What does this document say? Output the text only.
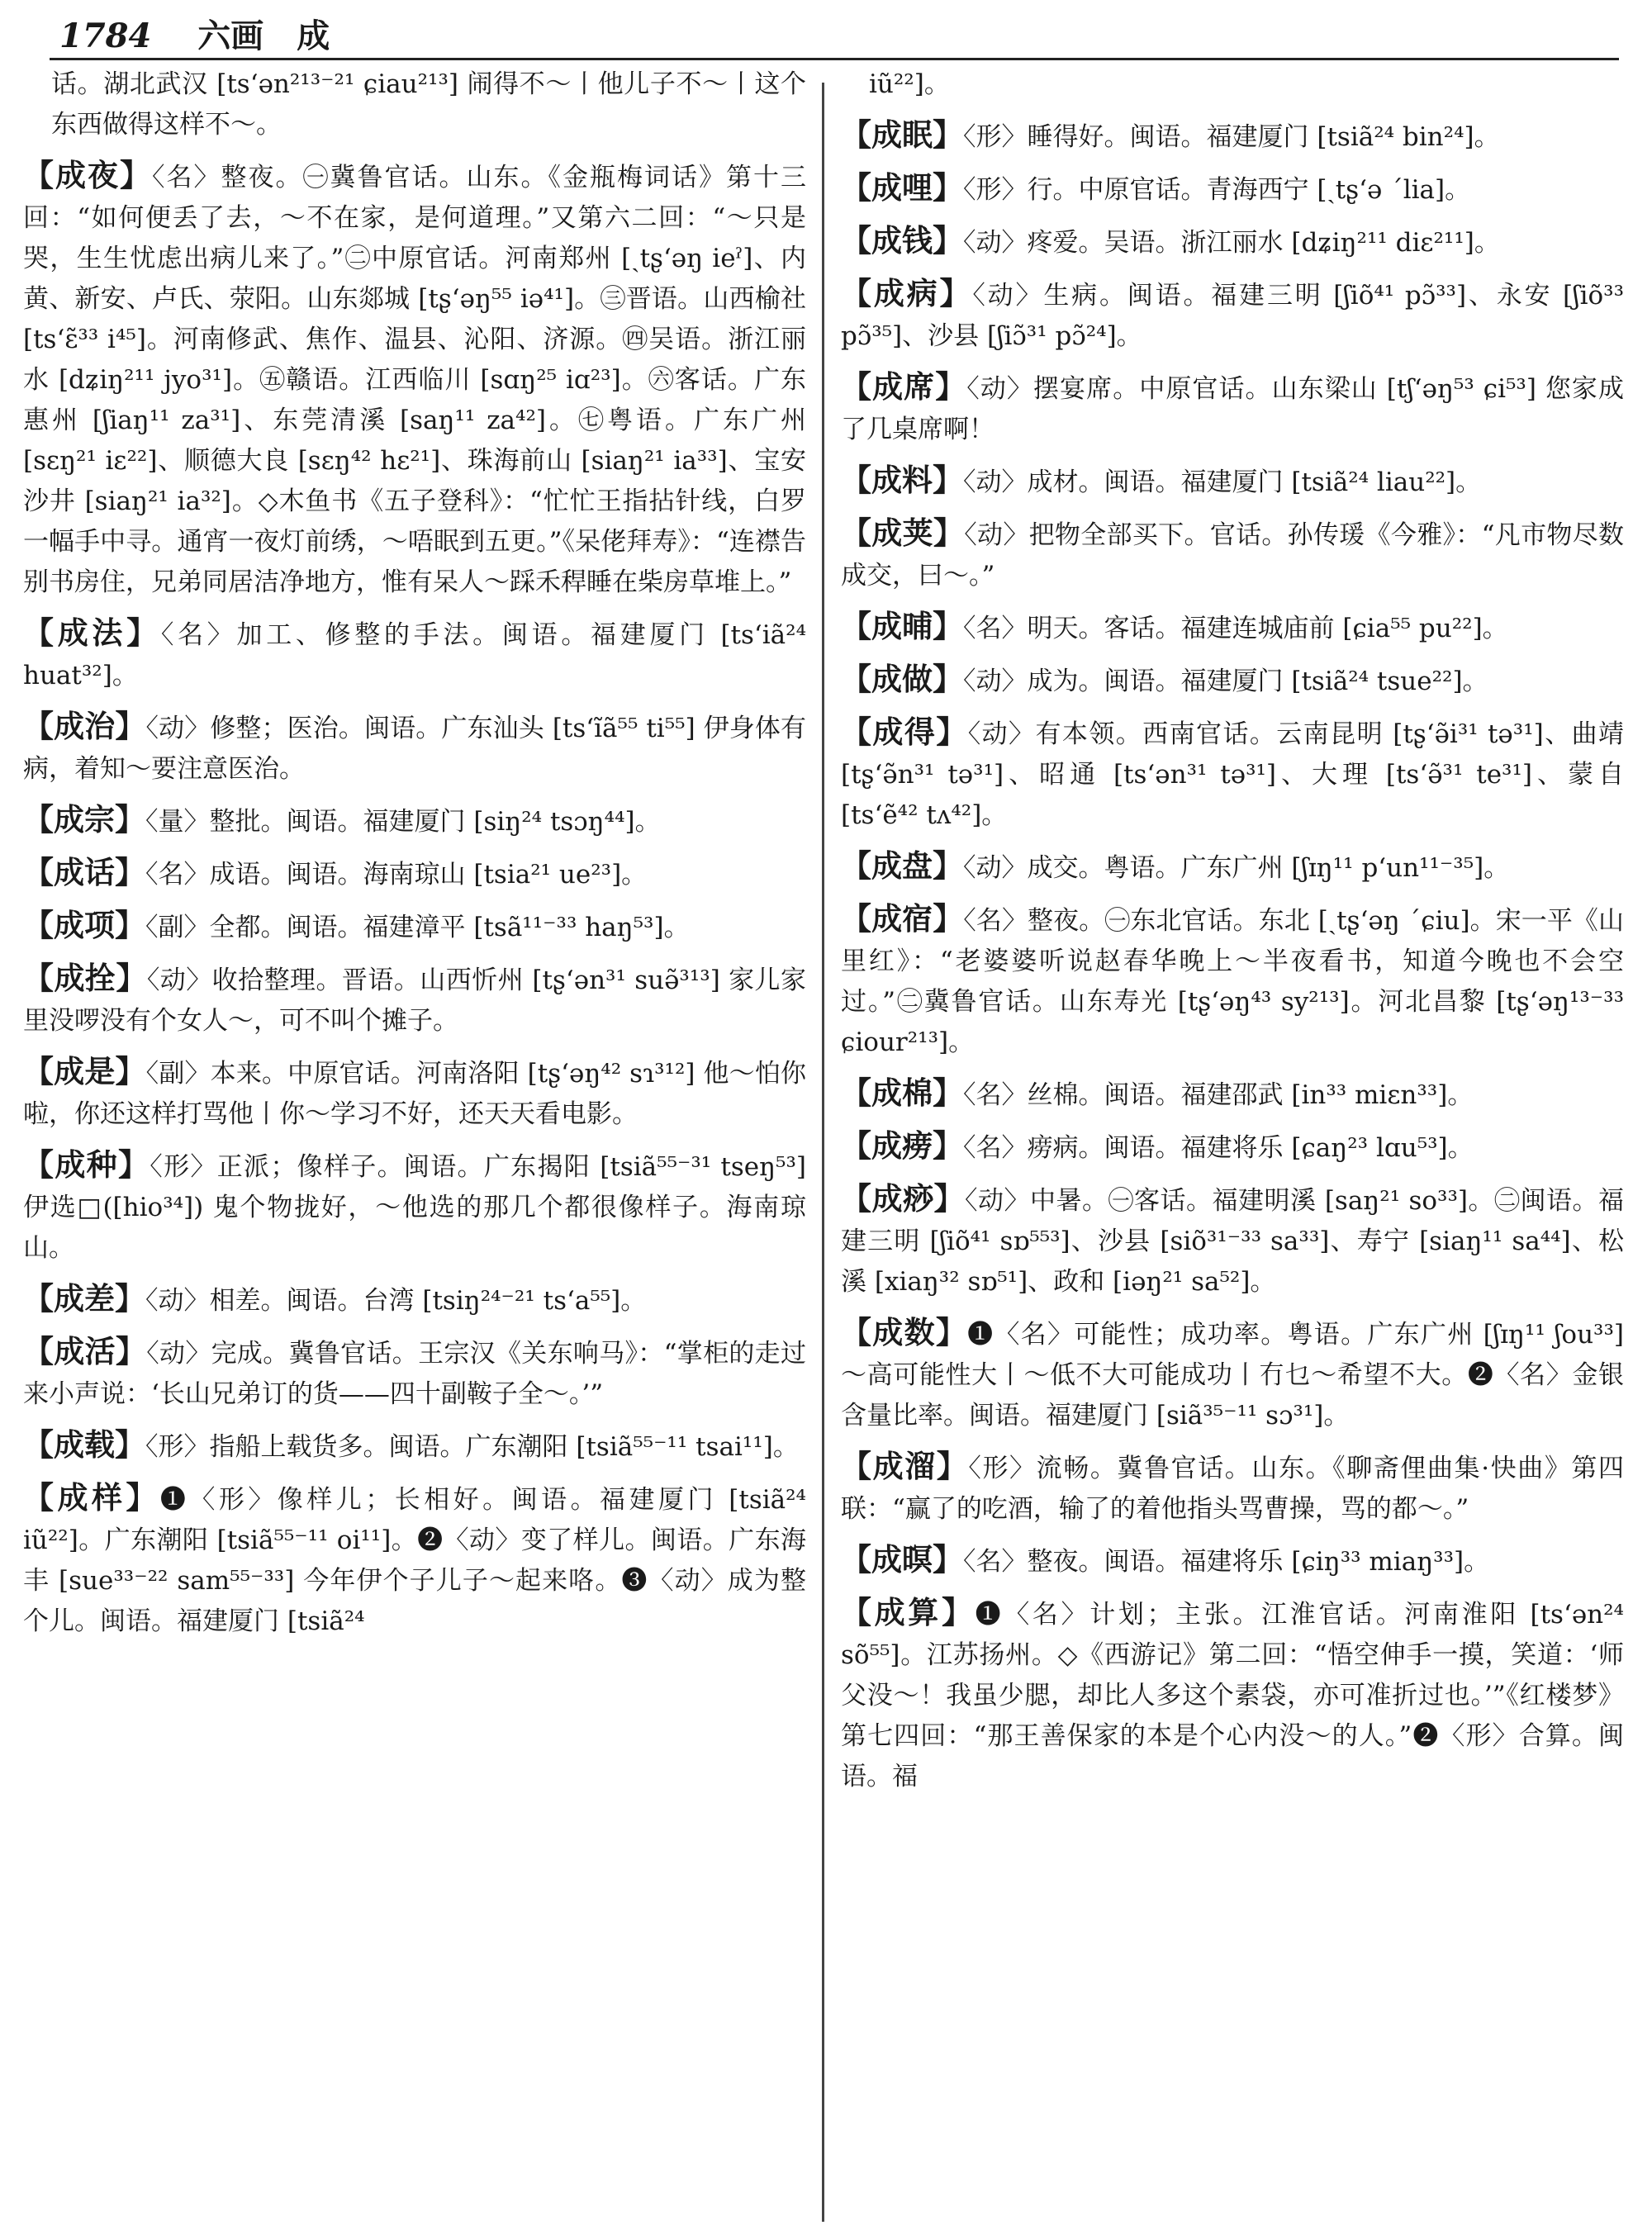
1784 六画 成
话。湖北武汉 [tsʻən²¹³⁻²¹ ɕiau²¹³] 闹得不～丨他儿子不～丨这个东西做得这样不～。
【成夜】〈名〉整夜。㊀冀鲁官话。山东。《金瓶梅词话》第十三回：“如何便丢了去，～不在家，是何道理。”又第六二回：“～只是哭，生生忧虑出病儿来了。”㊁中原官话。河南郑州 [ˏtʂʻəŋ ieˀ]、内黄、新安、卢氏、荥阳。山东郯城 [tʂʻəŋ⁵⁵ iə⁴¹]。㊂晋语。山西榆社 [tsʻɛ̃³³ i⁴⁵]。河南修武、焦作、温县、沁阳、济源。㊃吴语。浙江丽水 [dʑiŋ²¹¹ jyo³¹]。㊄赣语。江西临川 [sɑŋ²⁵ iɑ²³]。㊅客话。广东惠州 [ʃiaŋ¹¹ za³¹]、东莞清溪 [saŋ¹¹ za⁴²]。㊆粤语。广东广州 [sɛŋ²¹ iɛ²²]、顺德大良 [sɛŋ⁴² hɛ²¹]、珠海前山 [siaŋ²¹ ia³³]、宝安沙井 [siaŋ²¹ ia³²]。◇木鱼书《五子登科》：“忙忙王指拈针线，白罗一幅手中寻。通宵一夜灯前绣，～唔眠到五更。”《呆佬拜寿》：“连襟告别书房住，兄弟同居洁净地方，惟有呆人～踩禾稈睡在柴房草堆上。”
【成法】〈名〉加工、修整的手法。闽语。福建厦门 [tsʻiã²⁴ huat³²]。
【成治】〈动〉修整；医治。闽语。广东汕头 [tsʻĩã⁵⁵ ti⁵⁵] 伊身体有病，着知～要注意医治。
【成宗】〈量〉整批。闽语。福建厦门 [siŋ²⁴ tsɔŋ⁴⁴]。
【成话】〈名〉成语。闽语。海南琼山 [tsia²¹ ue²³]。
【成项】〈副〉全都。闽语。福建漳平 [tsã¹¹⁻³³ haŋ⁵³]。
【成拴】〈动〉收拾整理。晋语。山西忻州 [tʂʻən³¹ suə̃³¹³] 家儿家里没啰没有个女人～，可不叫个摊子。
【成是】〈副〉本来。中原官话。河南洛阳 [tʂʻəŋ⁴² sɿ³¹²] 他～怕你啦，你还这样打骂他丨你～学习不好，还天天看电影。
【成种】〈形〉正派；像样子。闽语。广东揭阳 [tsiã⁵⁵⁻³¹ tseŋ⁵³] 伊选□([hio³⁴]) 鬼个物拢好，～他选的那几个都很像样子。海南琼山。
【成差】〈动〉相差。闽语。台湾 [tsiŋ²⁴⁻²¹ tsʻa⁵⁵]。
【成活】〈动〉完成。冀鲁官话。王宗汉《关东响马》：“掌柜的走过来小声说：‘长山兄弟订的货——四十副鞍子全～。’”
【成载】〈形〉指船上载货多。闽语。广东潮阳 [tsiã⁵⁵⁻¹¹ tsai¹¹]。
【成样】❶〈形〉像样儿；长相好。闽语。福建厦门 [tsiã²⁴ iũ²²]。广东潮阳 [tsiã⁵⁵⁻¹¹ oi¹¹]。❷〈动〉变了样儿。闽语。广东海丰 [sue³³⁻²² sam⁵⁵⁻³³] 今年伊个子儿子～起来咯。❸〈动〉成为整个儿。闽语。福建厦门 [tsiã²⁴
iũ²²]。
【成眠】〈形〉睡得好。闽语。福建厦门 [tsiã²⁴ bin²⁴]。
【成哩】〈形〉行。中原官话。青海西宁 [ˏtʂʻə ˊlia]。
【成钱】〈动〉疼爱。吴语。浙江丽水 [dʑiŋ²¹¹ diɛ²¹¹]。
【成病】〈动〉生病。闽语。福建三明 [ʃiõ⁴¹ pɔ̃³³]、永安 [ʃiõ³³ pɔ̃³⁵]、沙县 [ʃiɔ̃³¹ pɔ̃²⁴]。
【成席】〈动〉摆宴席。中原官话。山东梁山 [tʃʻəŋ⁵³ ɕi⁵³] 您家成了几桌席啊！
【成料】〈动〉成材。闽语。福建厦门 [tsiã²⁴ liau²²]。
【成荚】〈动〉把物全部买下。官话。孙传瑗《今雅》：“凡市物尽数成交，曰～。”
【成晡】〈名〉明天。客话。福建连城庙前 [ɕia⁵⁵ pu²²]。
【成做】〈动〉成为。闽语。福建厦门 [tsiã²⁴ tsue²²]。
【成得】〈动〉有本领。西南官话。云南昆明 [tʂʻə̃i³¹ tə³¹]、曲靖 [tʂʻə̃n³¹ tə³¹]、昭通 [tsʻən³¹ tə³¹]、大理 [tsʻə̃³¹ te³¹]、蒙自 [tsʻẽ⁴² tʌ⁴²]。
【成盘】〈动〉成交。粤语。广东广州 [ʃɪŋ¹¹ pʻun¹¹⁻³⁵]。
【成宿】〈名〉整夜。㊀东北官话。东北 [ˏtʂʻəŋ ˊɕiu]。宋一平《山里红》：“老婆婆听说赵春华晚上～半夜看书，知道今晚也不会空过。”㊁冀鲁官话。山东寿光 [tʂʻəŋ⁴³ sy²¹³]。河北昌黎 [tʂʻəŋ¹³⁻³³ ɕiour²¹³]。
【成棉】〈名〉丝棉。闽语。福建邵武 [in³³ miɛn³³]。
【成痨】〈名〉痨病。闽语。福建将乐 [ɕaŋ²³ lɑu⁵³]。
【成痧】〈动〉中暑。㊀客话。福建明溪 [saŋ²¹ so³³]。㊁闽语。福建三明 [ʃiõ⁴¹ sɒ⁵⁵³]、沙县 [siõ³¹⁻³³ sa³³]、寿宁 [siaŋ¹¹ sa⁴⁴]、松溪 [xiaŋ³² sɒ⁵¹]、政和 [iəŋ²¹ sa⁵²]。
【成数】❶〈名〉可能性；成功率。粤语。广东广州 [ʃɪŋ¹¹ ʃou³³] ～高可能性大丨～低不大可能成功丨冇乜～希望不大。❷〈名〉金银含量比率。闽语。福建厦门 [siã³⁵⁻¹¹ sɔ³¹]。
【成溜】〈形〉流畅。冀鲁官话。山东。《聊斋俚曲集·快曲》第四联：“赢了的吃酒，输了的着他指头骂曹操，骂的都～。”
【成暝】〈名〉整夜。闽语。福建将乐 [ɕiŋ³³ miaŋ³³]。
【成算】❶〈名〉计划；主张。江淮官话。河南淮阳 [tsʻən²⁴ sõ⁵⁵]。江苏扬州。◇《西游记》第二回：“悟空伸手一摸，笑道：‘师父没～！我虽少腮，却比人多这个素袋，亦可准折过也。’”《红楼梦》第七四回：“那王善保家的本是个心内没～的人。”❷〈形〉合算。闽语。福
